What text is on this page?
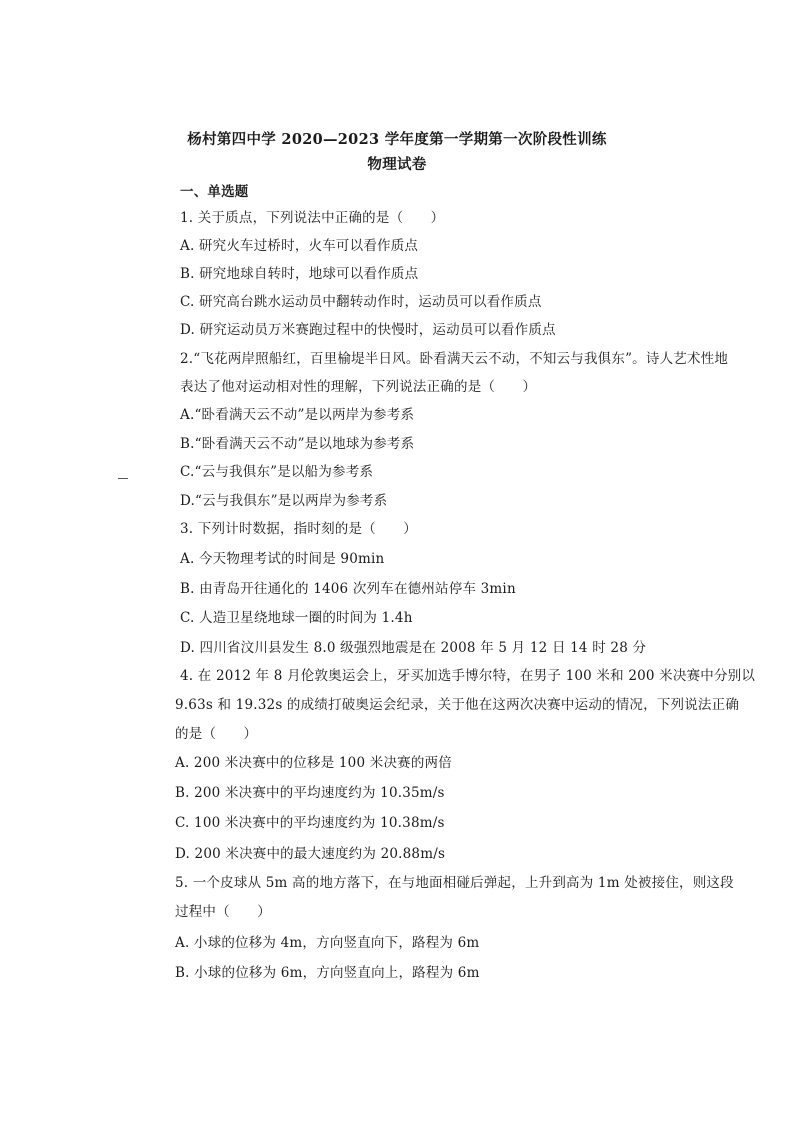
杨村第四中学 2020—2023 学年度第一学期第一次阶段性训练
物理试卷
一、单选题
1. 关于质点，下列说法中正确的是（　　）
A. 研究火车过桥时，火车可以看作质点
B. 研究地球自转时，地球可以看作质点
C. 研究高台跳水运动员中翻转动作时，运动员可以看作质点
D. 研究运动员万米赛跑过程中的快慢时，运动员可以看作质点
2.“飞花两岸照船红，百里榆堤半日风。卧看满天云不动，不知云与我俱东”。诗人艺术性地
表达了他对运动相对性的理解，下列说法正确的是（　　）
A.“卧看满天云不动”是以两岸为参考系
B.“卧看满天云不动”是以地球为参考系
C.“云与我俱东”是以船为参考系
D.“云与我俱东”是以两岸为参考系
3. 下列计时数据，指时刻的是（　　）
A. 今天物理考试的时间是 90min
B. 由青岛开往通化的 1406 次列车在德州站停车 3min
C. 人造卫星绕地球一圈的时间为 1.4h
D. 四川省汶川县发生 8.0 级强烈地震是在 2008 年 5 月 12 日 14 时 28 分
4. 在 2012 年 8 月伦敦奥运会上，牙买加选手博尔特，在男子 100 米和 200 米决赛中分别以
9.63s 和 19.32s 的成绩打破奥运会纪录，关于他在这两次决赛中运动的情况，下列说法正确
的是（　　）
A. 200 米决赛中的位移是 100 米决赛的两倍
B. 200 米决赛中的平均速度约为 10.35m/s
C. 100 米决赛中的平均速度约为 10.38m/s
D. 200 米决赛中的最大速度约为 20.88m/s
5. 一个皮球从 5m 高的地方落下，在与地面相碰后弹起，上升到高为 1m 处被接住，则这段
过程中（　　）
A. 小球的位移为 4m，方向竖直向下，路程为 6m
B. 小球的位移为 6m，方向竖直向上，路程为 6m
